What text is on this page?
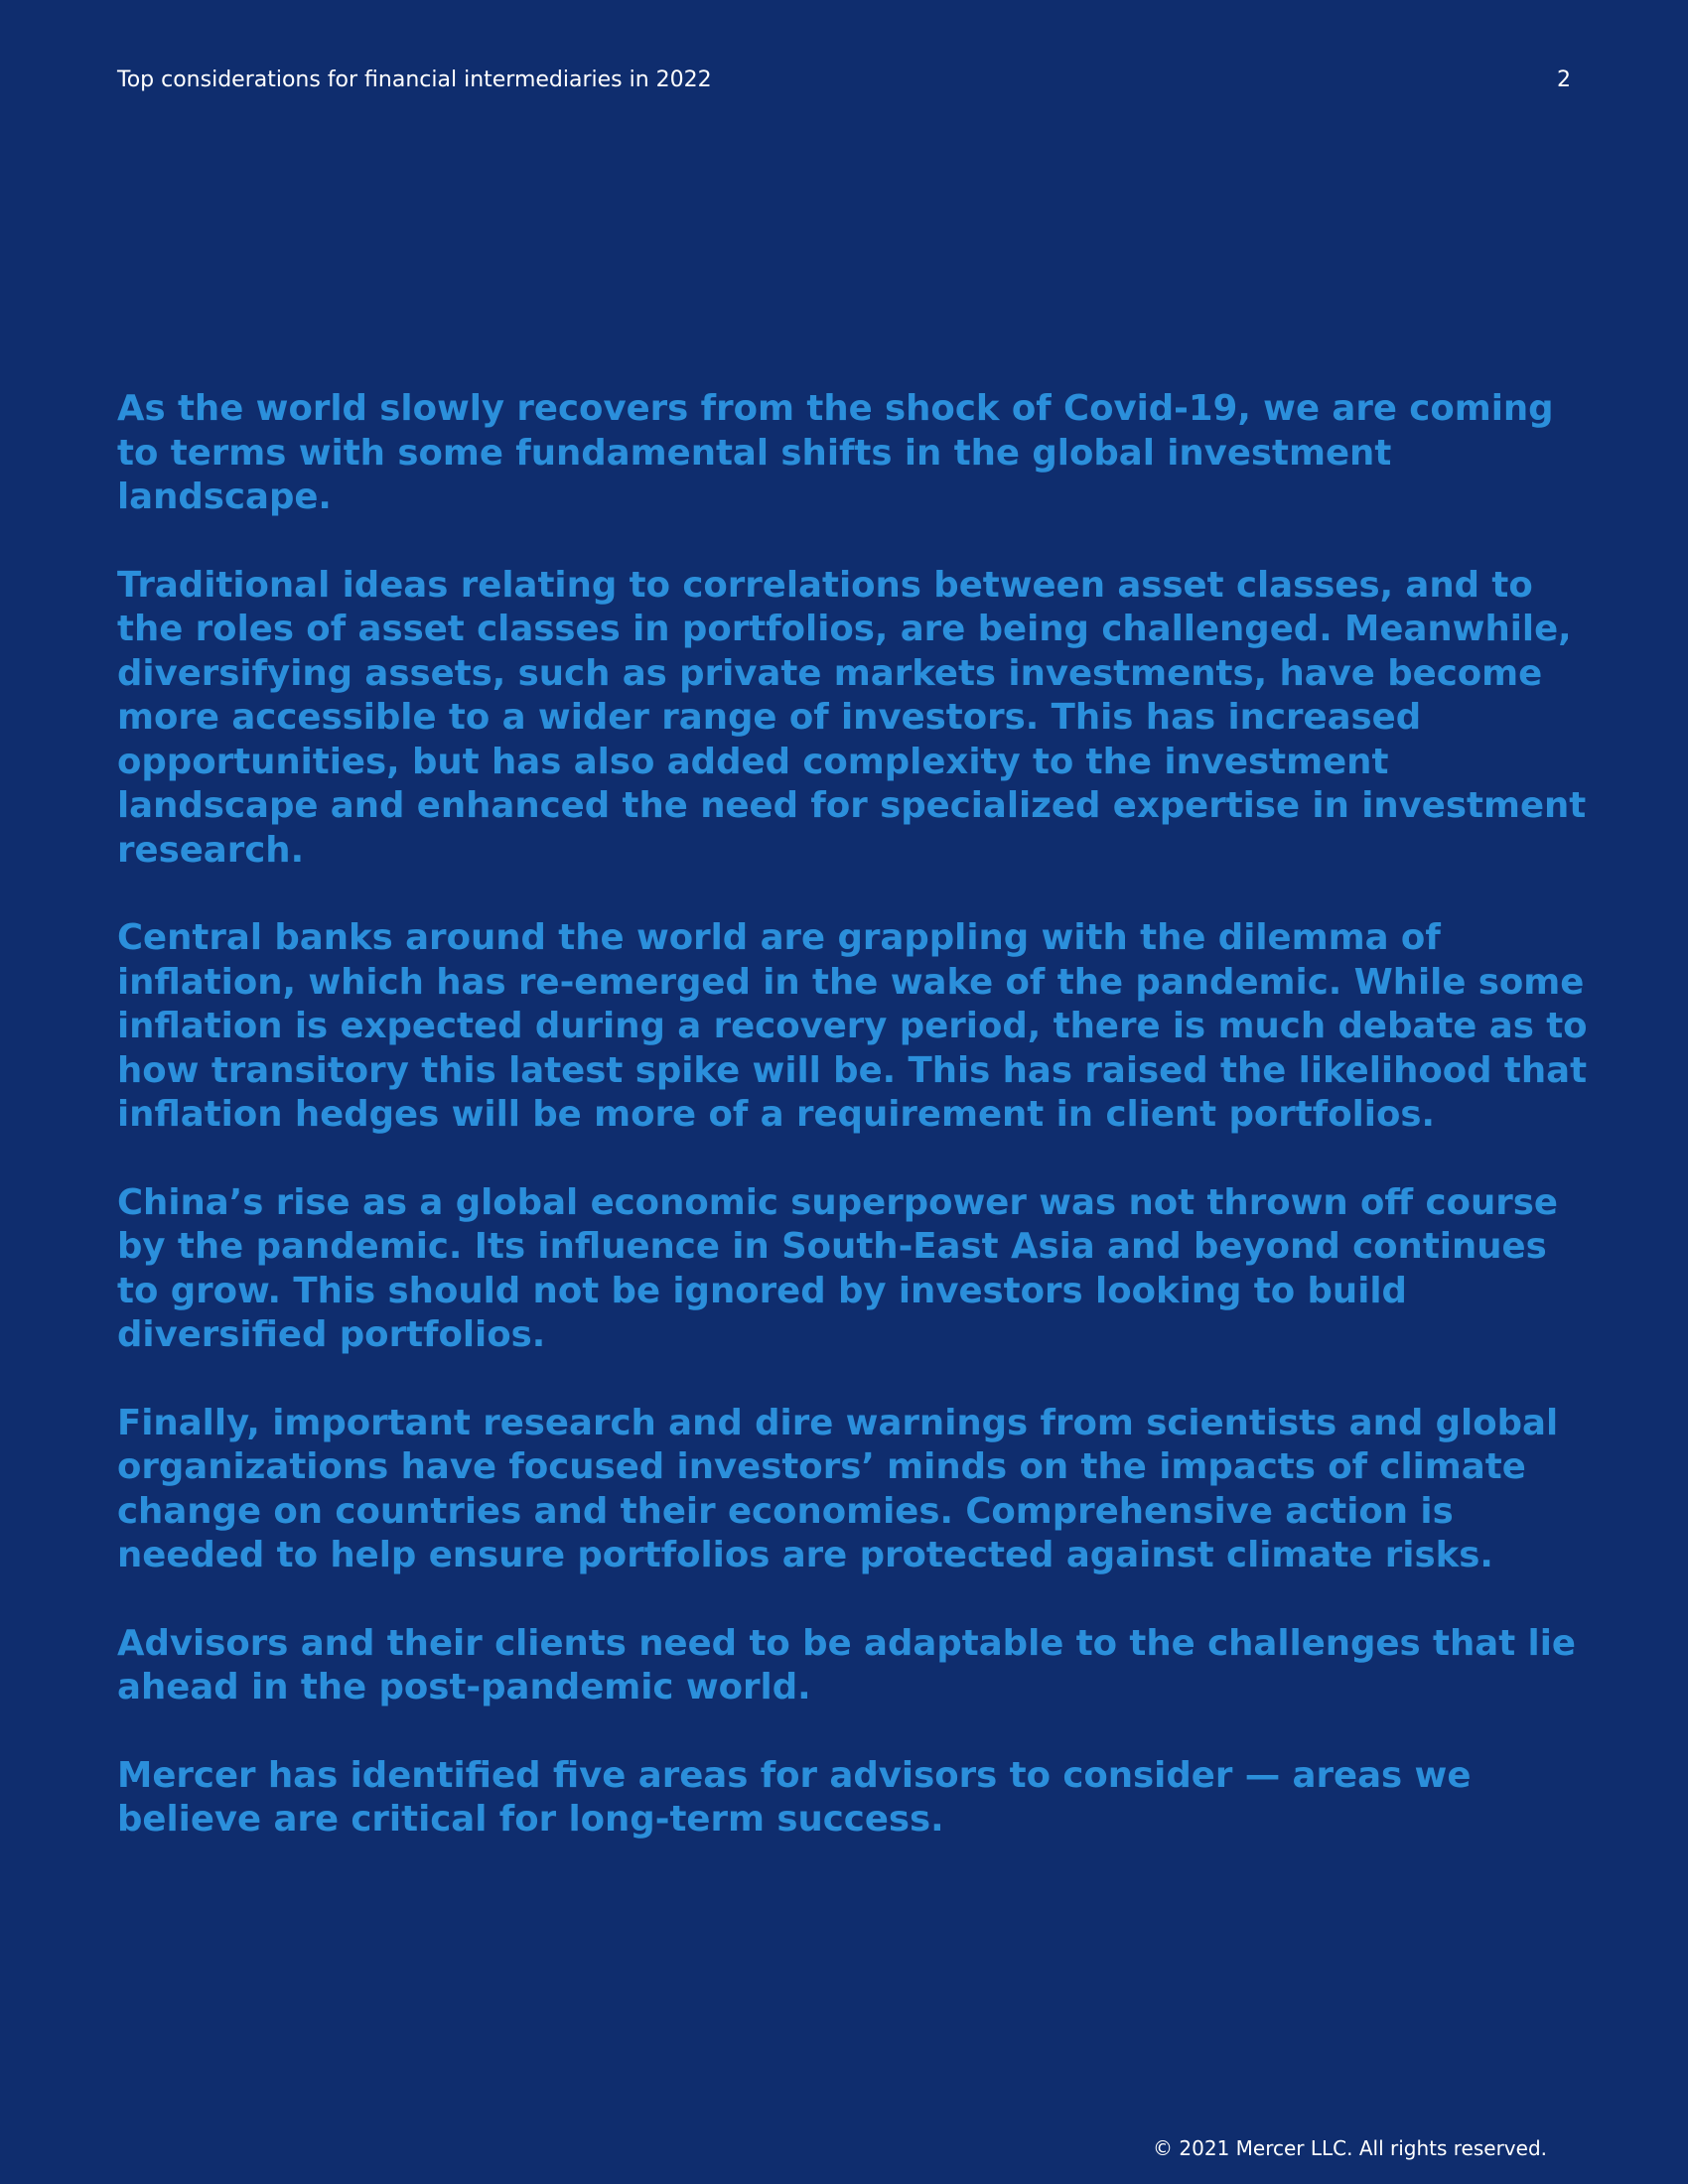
Top considerations for financial intermediaries in 2022	2

As the world slowly recovers from the shock of Covid-19, we are coming to terms with some fundamental shifts in the global investment landscape.

Traditional ideas relating to correlations between asset classes, and to the roles of asset classes in portfolios, are being challenged. Meanwhile, diversifying assets, such as private markets investments, have become more accessible to a wider range of investors. This has increased opportunities, but has also added complexity to the investment landscape and enhanced the need for specialized expertise in investment research.

Central banks around the world are grappling with the dilemma of inflation, which has re-emerged in the wake of the pandemic. While some inflation is expected during a recovery period, there is much debate as to how transitory this latest spike will be. This has raised the likelihood that inflation hedges will be more of a requirement in client portfolios.

China’s rise as a global economic superpower was not thrown off course by the pandemic. Its influence in South-East Asia and beyond continues to grow. This should not be ignored by investors looking to build diversified portfolios.

Finally, important research and dire warnings from scientists and global organizations have focused investors’ minds on the impacts of climate change on countries and their economies. Comprehensive action is needed to help ensure portfolios are protected against climate risks.

Advisors and their clients need to be adaptable to the challenges that lie ahead in the post-pandemic world.

Mercer has identified five areas for advisors to consider — areas we believe are critical for long-term success.

© 2021 Mercer LLC. All rights reserved.
